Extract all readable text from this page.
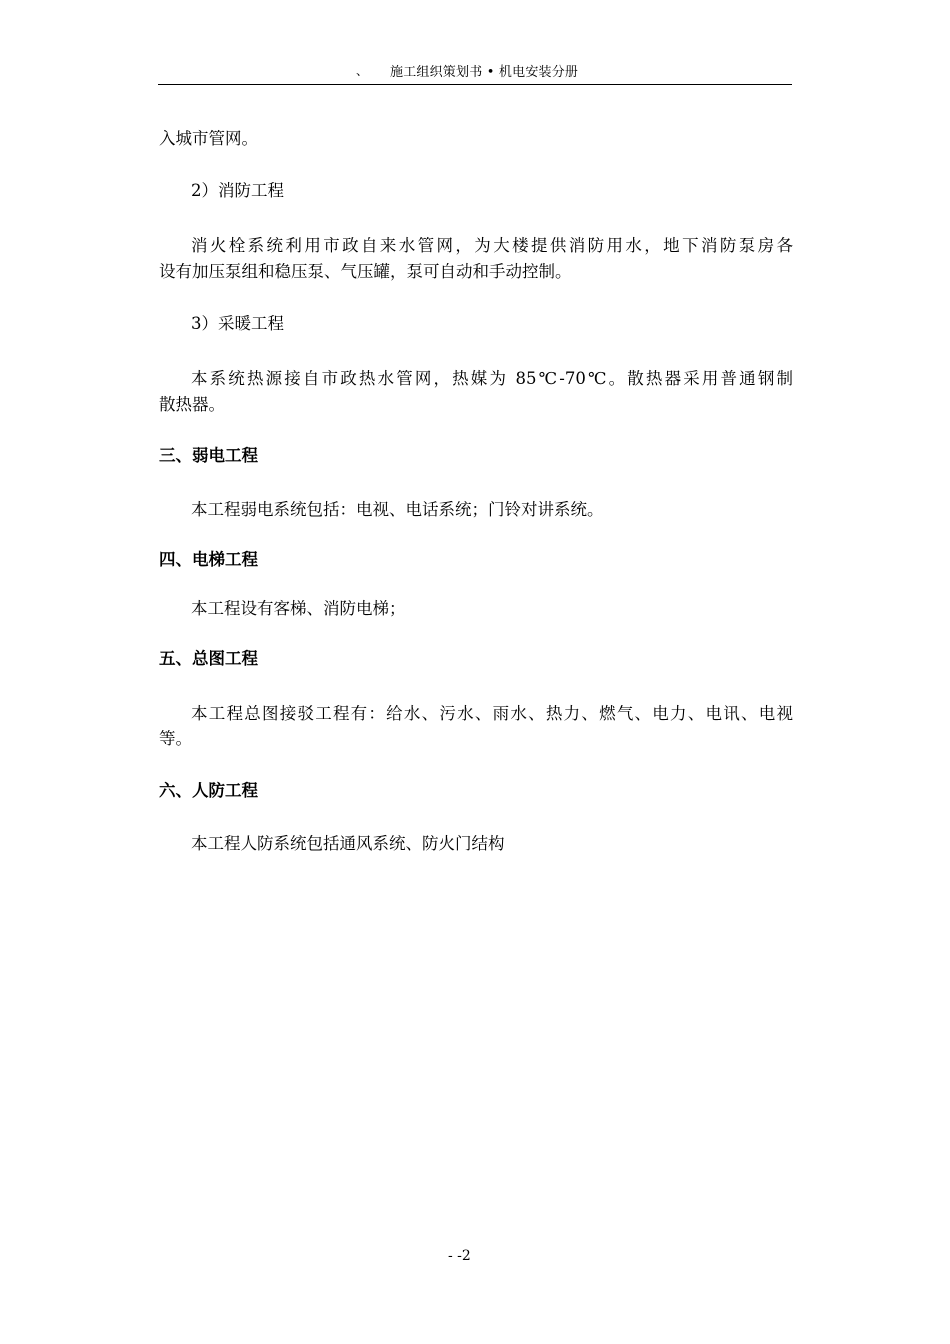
、 施工组织策划书 • 机电安装分册
入城市管网。
2）消防工程
消火栓系统利用市政自来水管网，为大楼提供消防用水，地下消防泵房各
设有加压泵组和稳压泵、气压罐，泵可自动和手动控制。
3）采暖工程
本系统热源接自市政热水管网，热媒为 85℃-70℃。散热器采用普通钢制
散热器。
三、弱电工程
本工程弱电系统包括：电视、电话系统；门铃对讲系统。
四、电梯工程
本工程设有客梯、消防电梯；
五、总图工程
本工程总图接驳工程有：给水、污水、雨水、热力、燃气、电力、电讯、电视
等。
六、人防工程
本工程人防系统包括通风系统、防火门结构
- -2
